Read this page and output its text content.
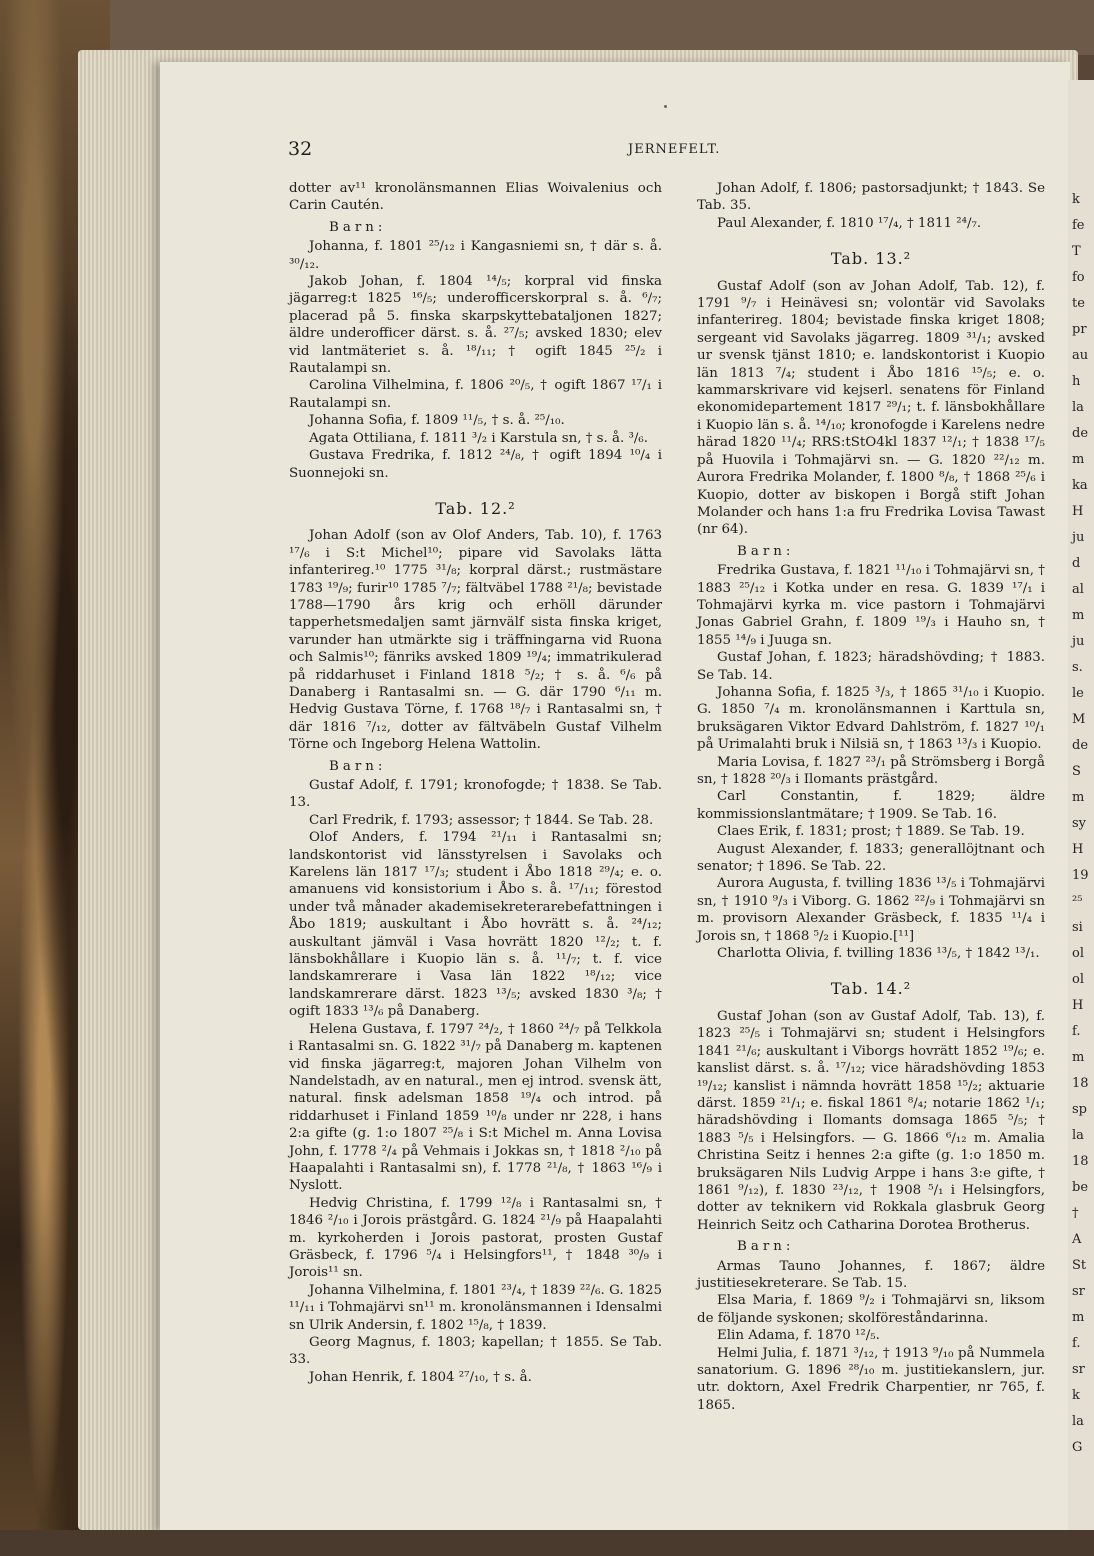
32	JERNEFELT.

dotter av¹¹ kronolänsmannen Elias Woivalenius och Carin Cautén.

Barn:

Johanna, f. 1801 ²⁵/₁₂ i Kangasniemi sn, † där s. å. ³⁰/₁₂.

Jakob Johan, f. 1804 ¹⁴/₅; korpral vid finska jägarreg:t 1825 ¹⁶/₅; underofficerskorpral s. å. ⁶/₇; placerad på 5. finska skarpskyttebataljonen 1827; äldre underofficer därst. s. å. ²⁷/₅; avsked 1830; elev vid lantmäteriet s. å. ¹⁸/₁₁; † ogift 1845 ²⁵/₂ i Rautalampi sn.

Carolina Vilhelmina, f. 1806 ²⁰/₅, † ogift 1867 ¹⁷/₁ i Rautalampi sn.

Johanna Sofia, f. 1809 ¹¹/₅, † s. å. ²⁵/₁₀.

Agata Ottiliana, f. 1811 ³/₂ i Karstula sn, † s. å. ³/₆.

Gustava Fredrika, f. 1812 ²⁴/₈, † ogift 1894 ¹⁰/₄ i Suonnejoki sn.

Tab. 12.²

Johan Adolf (son av Olof Anders, Tab. 10), f. 1763 ¹⁷/₆ i S:t Michel¹⁰; pipare vid Savolaks lätta infanterireg.¹⁰ 1775 ³¹/₈; korpral därst.; rustmästare 1783 ¹⁹/₉; furir¹⁰ 1785 ⁷/₇; fältväbel 1788 ²¹/₈; bevistade 1788—1790 års krig och erhöll därunder tapperhetsmedaljen samt järnvälf sista finska kriget, varunder han utmärkte sig i träffningarna vid Ruona och Salmis¹⁰; fänriks avsked 1809 ¹⁹/₄; immatrikulerad på riddarhuset i Finland 1818 ⁵/₂; † s. å. ⁶/₆ på Danaberg i Rantasalmi sn. — G. där 1790 ⁶/₁₁ m. Hedvig Gustava Törne, f. 1768 ¹⁸/₇ i Rantasalmi sn, † där 1816 ⁷/₁₂, dotter av fältväbeln Gustaf Vilhelm Törne och Ingeborg Helena Wattolin.

Barn:

Gustaf Adolf, f. 1791; kronofogde; † 1838. Se Tab. 13.

Carl Fredrik, f. 1793; assessor; † 1844. Se Tab. 28.

Olof Anders, f. 1794 ²¹/₁₁ i Rantasalmi sn; landskontorist vid länsstyrelsen i Savolaks och Karelens län 1817 ¹⁷/₃; student i Åbo 1818 ²⁹/₄; e. o. amanuens vid konsistorium i Åbo s. å. ¹⁷/₁₁; förestod under två månader akademisekreterarebefattningen i Åbo 1819; auskultant i Åbo hovrätt s. å. ²⁴/₁₂; auskultant jämväl i Vasa hovrätt 1820 ¹²/₂; t. f. länsbokhållare i Kuopio län s. å. ¹¹/₇; t. f. vice landskamrerare i Vasa län 1822 ¹⁸/₁₂; vice landskamrerare därst. 1823 ¹³/₅; avsked 1830 ³/₈; † ogift 1833 ¹³/₆ på Danaberg.

Helena Gustava, f. 1797 ²⁴/₂, † 1860 ²⁴/₇ på Telkkola i Rantasalmi sn. G. 1822 ³¹/₇ på Danaberg m. kaptenen vid finska jägarreg:t, majoren Johan Vilhelm von Nandelstadh, av en natural., men ej introd. svensk ätt, natural. finsk adelsman 1858 ¹⁹/₄ och introd. på riddarhuset i Finland 1859 ¹⁰/₈ under nr 228, i hans 2:a gifte (g. 1:o 1807 ²⁵/₈ i S:t Michel m. Anna Lovisa John, f. 1778 ²/₄ på Vehmais i Jokkas sn, † 1818 ²/₁₀ på Haapalahti i Rantasalmi sn), f. 1778 ²¹/₈, † 1863 ¹⁶/₉ i Nyslott.

Hedvig Christina, f. 1799 ¹²/₈ i Rantasalmi sn, † 1846 ²/₁₀ i Jorois prästgård. G. 1824 ²¹/₉ på Haapalahti m. kyrkoherden i Jorois pastorat, prosten Gustaf Gräsbeck, f. 1796 ⁵/₄ i Helsingfors¹¹, † 1848 ³⁰/₉ i Jorois¹¹ sn.

Johanna Vilhelmina, f. 1801 ²³/₄, † 1839 ²²/₆. G. 1825 ¹¹/₁₁ i Tohmajärvi sn¹¹ m. kronolänsmannen i Idensalmi sn Ulrik Andersin, f. 1802 ¹⁵/₈, † 1839.

Georg Magnus, f. 1803; kapellan; † 1855. Se Tab. 33.

Johan Henrik, f. 1804 ²⁷/₁₀, † s. å.

Johan Adolf, f. 1806; pastorsadjunkt; † 1843. Se Tab. 35.

Paul Alexander, f. 1810 ¹⁷/₄, † 1811 ²⁴/₇.

Tab. 13.²

Gustaf Adolf (son av Johan Adolf, Tab. 12), f. 1791 ⁹/₇ i Heinävesi sn; volontär vid Savolaks infanterireg. 1804; bevistade finska kriget 1808; sergeant vid Savolaks jägarreg. 1809 ³¹/₁; avsked ur svensk tjänst 1810; e. landskontorist i Kuopio län 1813 ⁷/₄; student i Åbo 1816 ¹⁵/₅; e. o. kammarskrivare vid kejserl. senatens för Finland ekonomidepartement 1817 ²⁹/₁; t. f. länsbokhållare i Kuopio län s. å. ¹⁴/₁₀; kronofogde i Karelens nedre härad 1820 ¹¹/₄; RRS:tStO4kl 1837 ¹²/₁; † 1838 ¹⁷/₅ på Huovila i Tohmajärvi sn. — G. 1820 ²²/₁₂ m. Aurora Fredrika Molander, f. 1800 ⁸/₈, † 1868 ²⁵/₆ i Kuopio, dotter av biskopen i Borgå stift Johan Molander och hans 1:a fru Fredrika Lovisa Tawast (nr 64).

Barn:

Fredrika Gustava, f. 1821 ¹¹/₁₀ i Tohmajärvi sn, † 1883 ²⁵/₁₂ i Kotka under en resa. G. 1839 ¹⁷/₁ i Tohmajärvi kyrka m. vice pastorn i Tohmajärvi Jonas Gabriel Grahn, f. 1809 ¹⁹/₃ i Hauho sn, † 1855 ¹⁴/₉ i Juuga sn.

Gustaf Johan, f. 1823; häradshövding; † 1883. Se Tab. 14.

Johanna Sofia, f. 1825 ³/₃, † 1865 ³¹/₁₀ i Kuopio. G. 1850 ⁷/₄ m. kronolänsmannen i Karttula sn, bruksägaren Viktor Edvard Dahlström, f. 1827 ¹⁰/₁ på Urimalahti bruk i Nilsiä sn, † 1863 ¹³/₃ i Kuopio.

Maria Lovisa, f. 1827 ²³/₁ på Strömsberg i Borgå sn, † 1828 ²⁰/₃ i Ilomants prästgård.

Carl Constantin, f. 1829; äldre kommissionslantmätare; † 1909. Se Tab. 16.

Claes Erik, f. 1831; prost; † 1889. Se Tab. 19.

August Alexander, f. 1833; generallöjtnant och senator; † 1896. Se Tab. 22.

Aurora Augusta, f. tvilling 1836 ¹³/₅ i Tohmajärvi sn, † 1910 ⁹/₃ i Viborg. G. 1862 ²²/₉ i Tohmajärvi sn m. provisorn Alexander Gräsbeck, f. 1835 ¹¹/₄ i Jorois sn, † 1868 ⁵/₂ i Kuopio.[¹¹]

Charlotta Olivia, f. tvilling 1836 ¹³/₅, † 1842 ¹³/₁.

Tab. 14.²

Gustaf Johan (son av Gustaf Adolf, Tab. 13), f. 1823 ²⁵/₅ i Tohmajärvi sn; student i Helsingfors 1841 ²¹/₆; auskultant i Viborgs hovrätt 1852 ¹⁹/₆; e. kanslist därst. s. å. ¹⁷/₁₂; vice häradshövding 1853 ¹⁹/₁₂; kanslist i nämnda hovrätt 1858 ¹⁵/₂; aktuarie därst. 1859 ²¹/₁; e. fiskal 1861 ⁸/₄; notarie 1862 ¹/₁; häradshövding i Ilomants domsaga 1865 ⁵/₅; † 1883 ⁵/₅ i Helsingfors. — G. 1866 ⁶/₁₂ m. Amalia Christina Seitz i hennes 2:a gifte (g. 1:o 1850 m. bruksägaren Nils Ludvig Arppe i hans 3:e gifte, † 1861 ⁹/₁₂), f. 1830 ²³/₁₂, † 1908 ⁵/₁ i Helsingfors, dotter av teknikern vid Rokkala glasbruk Georg Heinrich Seitz och Catharina Dorotea Brotherus.

Barn:

Armas Tauno Johannes, f. 1867; äldre justitiesekreterare. Se Tab. 15.

Elsa Maria, f. 1869 ⁹/₂ i Tohmajärvi sn, liksom de följande syskonen; skolföreståndarinna.

Elin Adama, f. 1870 ¹²/₅.

Helmi Julia, f. 1871 ³/₁₂, † 1913 ⁹/₁₀ på Nummela sanatorium. G. 1896 ²⁸/₁₀ m. justitiekanslern, jur. utr. doktorn, Axel Fredrik Charpentier, nr 765, f. 1865.

k
fe
T
fo
te
pr
au
h
la
de
m
ka
H
ju
d
al
m
ju
s.
le
M
de
S
m
sy
H
19
²⁵
si
ol
ol
H
f.
m
18
sp
la
18
be
†
A
St
sr
m
f.
sr
k
la
G
